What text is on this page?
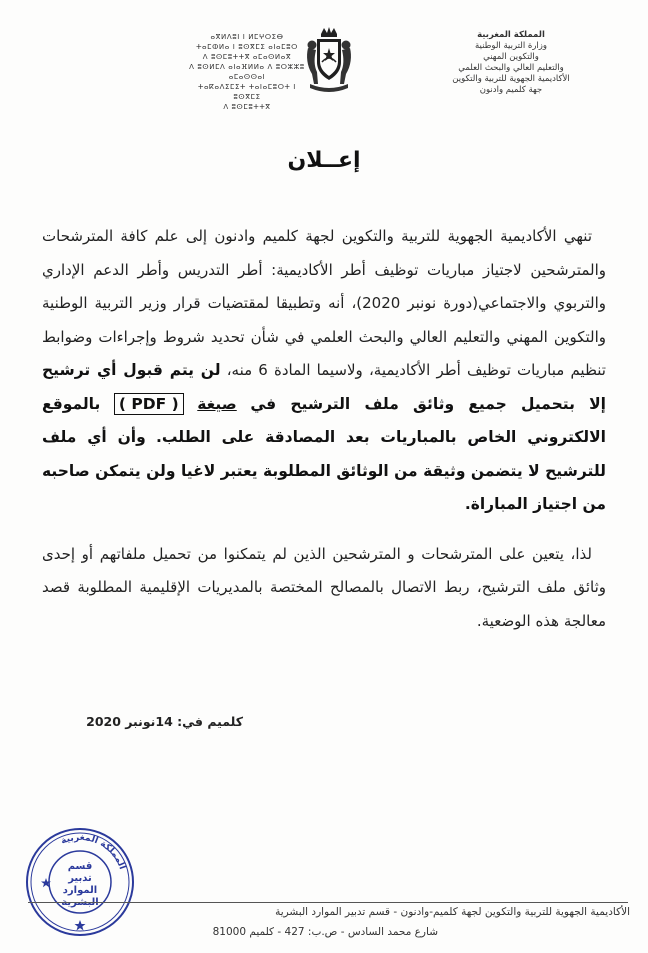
المملكة المغربية
وزارة التربية الوطنية
والتكوين المهني
والتعليم العالي والبحث العلمي
الأكاديمية الجهوية للتربية والتكوين
جهة كلميم وادنون
ⴰⴳⵍⴷⵓⵏ ⵏ ⵍⵎⵖⵔⵉⴱ
ⵜⴰⵎⵀⵍⴰ ⵏ ⵓⵙⴳⵎⵉ ⴰⵏⴰⵎⵓⵔ
ⴷ ⵓⵙⵎⵓⵜⵜⴳ ⴰⵎⴰⵙⵍⴰⴳ
ⴷ ⵓⵙⵍⵎⴷ ⴰⵏⴰⴼⵍⵍⴰ ⴷ ⵓⵔⵣⵣⵓ ⴰⵎⴰⵙⵙⴰⵏ
ⵜⴰⴽⴰⴷⵉⵎⵉⵜ ⵜⴰⵏⴰⵎⵓⵔⵜ ⵏ ⵓⵙⴳⵎⵉ
ⴷ ⵓⵙⵎⵓⵜⵜⴳ
إعــلان

تنهي الأكاديمية الجهوية للتربية والتكوين لجهة كلميم وادنون إلى علم كافة المترشحات والمترشحين لاجتياز مباريات توظيف أطر الأكاديمية: أطر التدريس وأطر الدعم الإداري والتربوي والاجتماعي(دورة نونبر 2020)، أنه وتطبيقا لمقتضيات قرار وزير التربية الوطنية والتكوين المهني والتعليم العالي والبحث العلمي في شأن تحديد شروط وإجراءات وضوابط تنظيم مباريات توظيف أطر الأكاديمية، ولاسيما المادة 6 منه، لن يتم قبول أي ترشيح إلا بتحميل جميع وثائق ملف الترشيح في صيغة ( PDF ) بالموقع الالكتروني الخاص بالمباريات بعد المصادقة على الطلب. وأن أي ملف للترشيح لا يتضمن وثيقة من الوثائق المطلوبة يعتبر لاغيا ولن يتمكن صاحبه من اجتياز المباراة.

لذا، يتعين على المترشحات و المترشحين الذين لم يتمكنوا من تحميل ملفاتهم أو إحدى وثائق ملف الترشيح، ربط الاتصال بالمصالح المختصة بالمديريات الإقليمية المطلوبة قصد معالجة هذه الوضعية.

كلميم في: 14نونبر 2020
المملكة المغربية
قسم
تدبير
الموارد
الأكاديمية الجهوية للتربية والتكوين لجهة كلميم-وادنون - قسم تدبير الموارد البشرية
شارع محمد السادس - ص.ب: 427 - كلميم 81000
